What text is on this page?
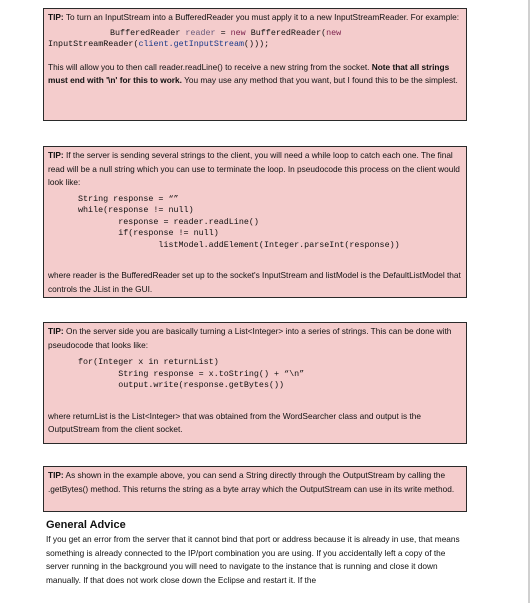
TIP: To turn an InputStream into a BufferedReader you must apply it to a new InputStreamReader. For example:

BufferedReader reader = new BufferedReader(new
InputStreamReader(client.getInputStream()));

This will allow you to then call reader.readLine() to receive a new string from the socket. Note that all strings must end with '\n' for this to work. You may use any method that you want, but I found this to be the simplest.

TIP: If the server is sending several strings to the client, you will need a while loop to catch each one. The final read will be a null string which you can use to terminate the loop. In pseudocode this process on the client would look like:

String response = “”
while(response != null)
response = reader.readLine()
if(response != null)
listModel.addElement(Integer.parseInt(response))

where reader is the BufferedReader set up to the socket's InputStream and listModel is the DefaultListModel that controls the JList in the GUI.

TIP: On the server side you are basically turning a List<Integer> into a series of strings. This can be done with pseudocode that looks like:

for(Integer x in returnList)
String response = x.toString() + “\n”
output.write(response.getBytes())

where returnList is the List<Integer> that was obtained from the WordSearcher class and output is the OutputStream from the client socket.

TIP: As shown in the example above, you can send a String directly through the OutputStream by calling the .getBytes() method. This returns the string as a byte array which the OutputStream can use in its write method.

General Advice

If you get an error from the server that it cannot bind that port or address because it is already in use, that means something is already connected to the IP/port combination you are using. If you accidentally left a copy of the server running in the background you will need to navigate to the instance that is running and close it down manually. If that does not work close down the Eclipse and restart it. If the
